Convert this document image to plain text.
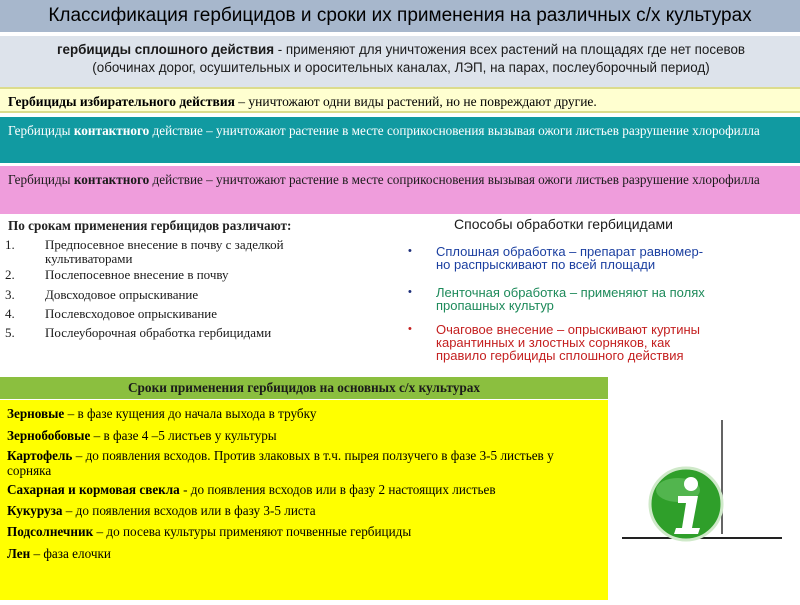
Классификация гербицидов и сроки их применения на различных с/х культурах
гербициды сплошного действия - применяют для уничтожения всех растений на площадях где нет посевов (обочинах дорог, осушительных и оросительных каналах, ЛЭП, на парах, послеуборочный период)
Гербициды избирательного действия – уничтожают одни виды растений, но не повреждают другие.
Гербициды контактного действие – уничтожают растение в месте соприкосновения вызывая ожоги листьев разрушение хлорофилла
Гербициды контактного действие – уничтожают растение в месте соприкосновения вызывая ожоги листьев разрушение хлорофилла
По срокам применения гербицидов различают:
1. Предпосевное внесение в почву с заделкой культиваторами
2. Послепосевное внесение в почву
3. Довсходовое опрыскивание
4. Послевсходовое опрыскивание
5. Послеуборочная обработка гербицидами
Способы обработки гербицидами
• Сплошная обработка – препарат равномер-
но распрыскивают по всей площади
• Ленточная обработка – применяют на полях
пропашных культур
• Очаговое внесение – опрыскивают куртины
карантинных и злостных сорняков, как
правило гербициды сплошного действия
Сроки применения гербицидов на основных с/х культурах
Зерновые – в фазе кущения до начала выхода в трубку
Зернобобовые – в фазе 4 –5 листьев у культуры
Картофель – до появления всходов. Против злаковых в т.ч. пырея ползучего в фазе 3-5 листьев у сорняка
Сахарная и кормовая свекла - до появления всходов или в фазу 2 настоящих листьев
Кукуруза – до появления всходов или в фазу 3-5 листа
Подсолнечник – до посева культуры применяют почвенные гербициды
Лен – фаза елочки
